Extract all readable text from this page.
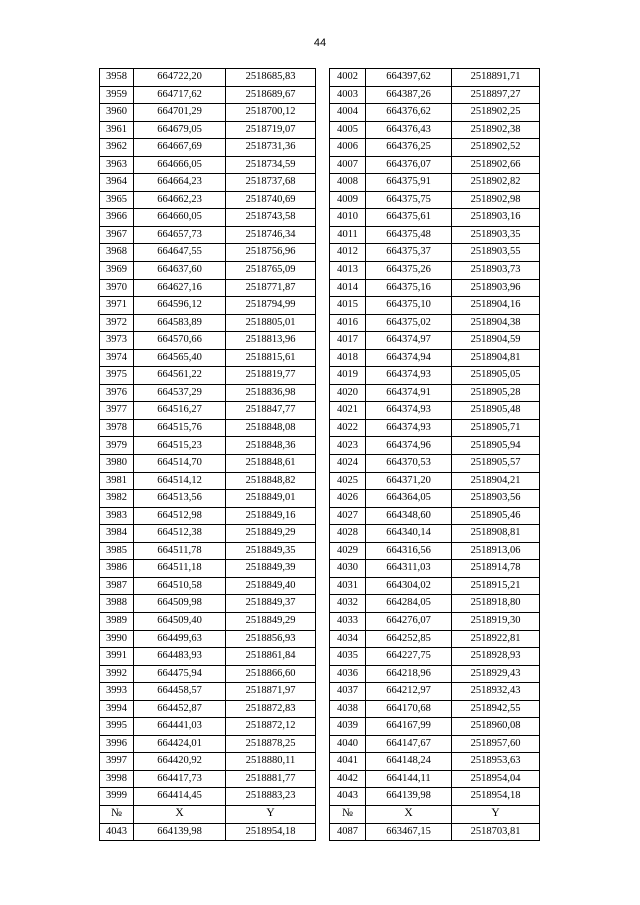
44
3958	664722,20	2518685,83		4002	664397,62	2518891,71
3959	664717,62	2518689,67		4003	664387,26	2518897,27
3960	664701,29	2518700,12		4004	664376,62	2518902,25
3961	664679,05	2518719,07		4005	664376,43	2518902,38
3962	664667,69	2518731,36		4006	664376,25	2518902,52
3963	664666,05	2518734,59		4007	664376,07	2518902,66
3964	664664,23	2518737,68		4008	664375,91	2518902,82
3965	664662,23	2518740,69		4009	664375,75	2518902,98
3966	664660,05	2518743,58		4010	664375,61	2518903,16
3967	664657,73	2518746,34		4011	664375,48	2518903,35
3968	664647,55	2518756,96		4012	664375,37	2518903,55
3969	664637,60	2518765,09		4013	664375,26	2518903,73
3970	664627,16	2518771,87		4014	664375,16	2518903,96
3971	664596,12	2518794,99		4015	664375,10	2518904,16
3972	664583,89	2518805,01		4016	664375,02	2518904,38
3973	664570,66	2518813,96		4017	664374,97	2518904,59
3974	664565,40	2518815,61		4018	664374,94	2518904,81
3975	664561,22	2518819,77		4019	664374,93	2518905,05
3976	664537,29	2518836,98		4020	664374,91	2518905,28
3977	664516,27	2518847,77		4021	664374,93	2518905,48
3978	664515,76	2518848,08		4022	664374,93	2518905,71
3979	664515,23	2518848,36		4023	664374,96	2518905,94
3980	664514,70	2518848,61		4024	664370,53	2518905,57
3981	664514,12	2518848,82		4025	664371,20	2518904,21
3982	664513,56	2518849,01		4026	664364,05	2518903,56
3983	664512,98	2518849,16		4027	664348,60	2518905,46
3984	664512,38	2518849,29		4028	664340,14	2518908,81
3985	664511,78	2518849,35		4029	664316,56	2518913,06
3986	664511,18	2518849,39		4030	664311,03	2518914,78
3987	664510,58	2518849,40		4031	664304,02	2518915,21
3988	664509,98	2518849,37		4032	664284,05	2518918,80
3989	664509,40	2518849,29		4033	664276,07	2518919,30
3990	664499,63	2518856,93		4034	664252,85	2518922,81
3991	664483,93	2518861,84		4035	664227,75	2518928,93
3992	664475,94	2518866,60		4036	664218,96	2518929,43
3993	664458,57	2518871,97		4037	664212,97	2518932,43
3994	664452,87	2518872,83		4038	664170,68	2518942,55
3995	664441,03	2518872,12		4039	664167,99	2518960,08
3996	664424,01	2518878,25		4040	664147,67	2518957,60
3997	664420,92	2518880,11		4041	664148,24	2518953,63
3998	664417,73	2518881,77		4042	664144,11	2518954,04
3999	664414,45	2518883,23		4043	664139,98	2518954,18
№	X	Y		№	X	Y
4043	664139,98	2518954,18		4087	663467,15	2518703,81
